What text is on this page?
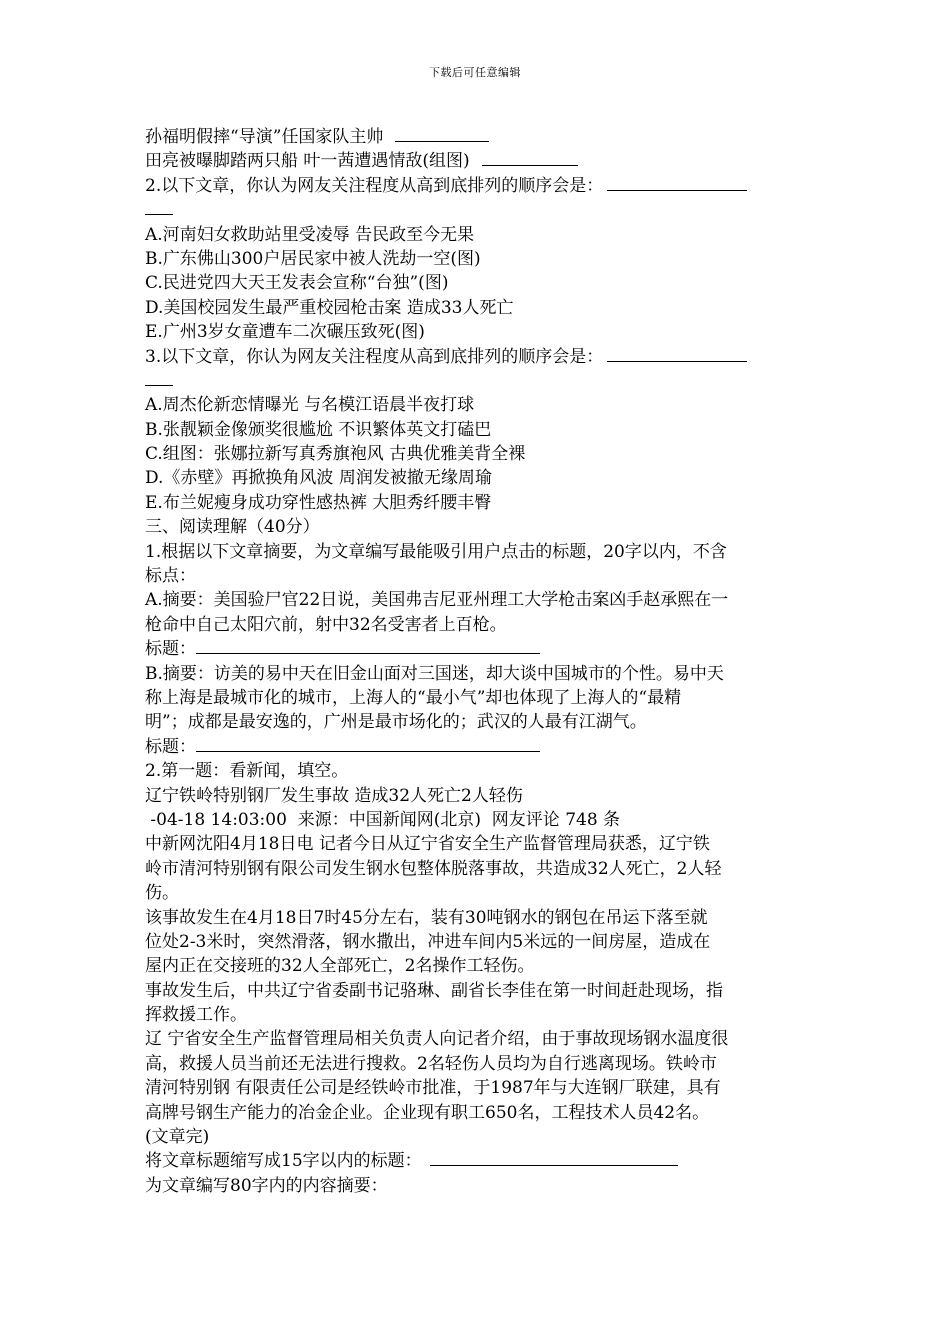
下载后可任意编辑
孙福明假摔“导演”任国家队主帅
田亮被曝脚踏两只船 叶一茜遭遇情敌(组图)
2.以下文章，你认为网友关注程度从高到底排列的顺序会是：
A.河南妇女救助站里受凌辱 告民政至今无果
B.广东佛山300户居民家中被人洗劫一空(图)
C.民进党四大天王发表会宣称“台独”(图)
D.美国校园发生最严重校园枪击案 造成33人死亡
E.广州3岁女童遭车二次碾压致死(图)
3.以下文章，你认为网友关注程度从高到底排列的顺序会是：
A.周杰伦新恋情曝光 与名模江语晨半夜打球
B.张靓颖金像颁奖很尴尬 不识繁体英文打磕巴
C.组图：张娜拉新写真秀旗袍风 古典优雅美背全裸
D.《赤壁》再掀换角风波 周润发被撤无缘周瑜
E.布兰妮瘦身成功穿性感热裤 大胆秀纤腰丰臀
三、阅读理解（40分）
1.根据以下文章摘要，为文章编写最能吸引用户点击的标题，20字以内，不含
标点：
A.摘要：美国验尸官22日说，美国弗吉尼亚州理工大学枪击案凶手赵承熙在一
枪命中自己太阳穴前，射中32名受害者上百枪。
标题：
B.摘要：访美的易中天在旧金山面对三国迷，却大谈中国城市的个性。易中天
称上海是最城市化的城市，上海人的“最小气”却也体现了上海人的“最精
明”；成都是最安逸的，广州是最市场化的；武汉的人最有江湖气。
标题：
2.第一题：看新闻，填空。
辽宁铁岭特别钢厂发生事故 造成32人死亡2人轻伤
-04-18 14:03:00  来源：中国新闻网(北京)  网友评论 748 条
中新网沈阳4月18日电 记者今日从辽宁省安全生产监督管理局获悉，辽宁铁
岭市清河特别钢有限公司发生钢水包整体脱落事故，共造成32人死亡，2人轻
伤。
该事故发生在4月18日7时45分左右，装有30吨钢水的钢包在吊运下落至就
位处2-3米时，突然滑落，钢水撒出，冲进车间内5米远的一间房屋，造成在
屋内正在交接班的32人全部死亡，2名操作工轻伤。
事故发生后，中共辽宁省委副书记骆琳、副省长李佳在第一时间赶赴现场，指
挥救援工作。
辽 宁省安全生产监督管理局相关负责人向记者介绍，由于事故现场钢水温度很
高，救援人员当前还无法进行搜救。2名轻伤人员均为自行逃离现场。铁岭市
清河特别钢 有限责任公司是经铁岭市批准，于1987年与大连钢厂联建，具有
高牌号钢生产能力的冶金企业。企业现有职工650名，工程技术人员42名。
(文章完)
将文章标题缩写成15字以内的标题：
为文章编写80字内的内容摘要：
